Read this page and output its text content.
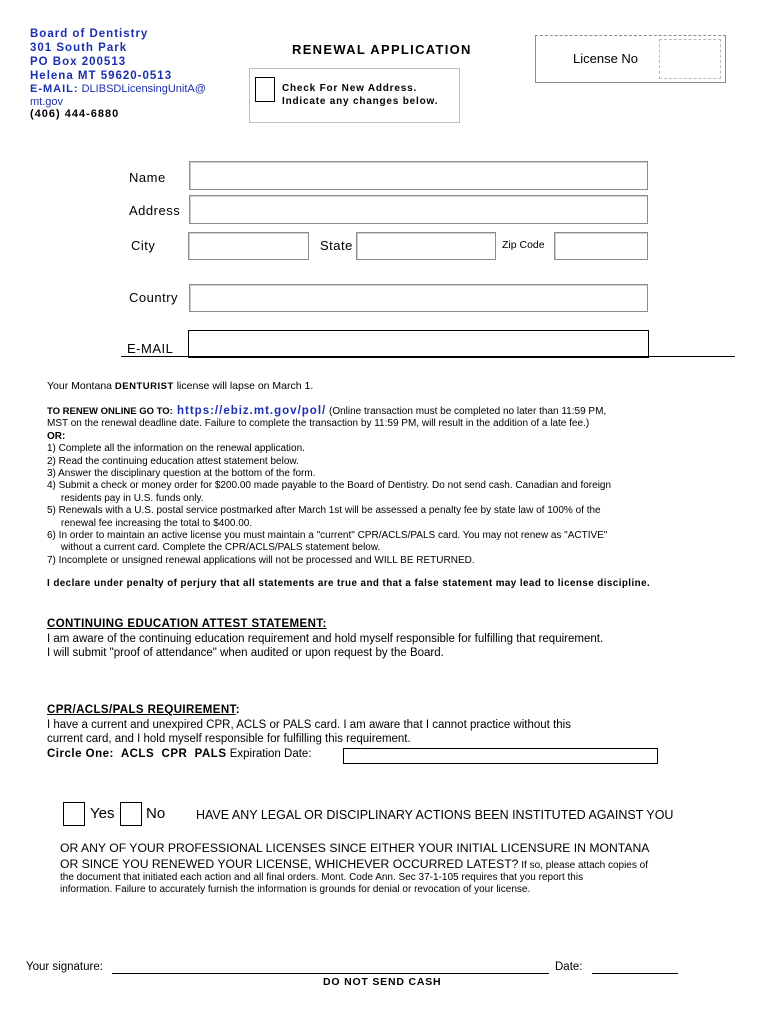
Board of Dentistry
301 South Park
PO Box 200513
Helena MT 59620-0513
E-MAIL: DLIBSDLicensingUnitA@
mt.gov
(406) 444-6880
RENEWAL APPLICATION
License No
Check For New Address.
Indicate any changes below.
Name
Address
City	State	Zip Code
Country
E-MAIL
Your Montana DENTURIST license will lapse on March 1.
TO RENEW ONLINE GO TO: https://ebiz.mt.gov/pol/ (Online transaction must be completed no later than 11:59 PM,
MST on the renewal deadline date. Failure to complete the transaction by 11:59 PM, will result in the addition of a late fee.)
OR:
1) Complete all the information on the renewal application.
2) Read the continuing education attest statement below.
3) Answer the disciplinary question at the bottom of the form.
4) Submit a check or money order for $200.00 made payable to the Board of Dentistry. Do not send cash. Canadian and foreign
residents pay in U.S. funds only.
5) Renewals with a U.S. postal service postmarked after March 1st will be assessed a penalty fee by state law of 100% of the
renewal fee increasing the total to $400.00.
6) In order to maintain an active license you must maintain a "current" CPR/ACLS/PALS card. You may not renew as "ACTIVE"
without a current card. Complete the CPR/ACLS/PALS statement below.
7) Incomplete or unsigned renewal applications will not be processed and WILL BE RETURNED.
I declare under penalty of perjury that all statements are true and that a false statement may lead to license discipline.
CONTINUING EDUCATION ATTEST STATEMENT:
I am aware of the continuing education requirement and hold myself responsible for fulfilling that requirement.
I will submit "proof of attendance" when audited or upon request by the Board.
CPR/ACLS/PALS REQUIREMENT:
I have a current and unexpired CPR, ACLS or PALS card. I am aware that I cannot practice without this
current card, and I hold myself responsible for fulfilling this requirement.
Circle One:  ACLS  CPR  PALS Expiration Date:
Yes No HAVE ANY LEGAL OR DISCIPLINARY ACTIONS BEEN INSTITUTED AGAINST YOU
OR ANY OF YOUR PROFESSIONAL LICENSES SINCE EITHER YOUR INITIAL LICENSURE IN MONTANA
OR SINCE YOU RENEWED YOUR LICENSE, WHICHEVER OCCURRED LATEST? If so, please attach copies of
the document that initiated each action and all final orders. Mont. Code Ann. Sec 37-1-105 requires that you report this
information. Failure to accurately furnish the information is grounds for denial or revocation of your license.
Your signature:	Date:
DO NOT SEND CASH
